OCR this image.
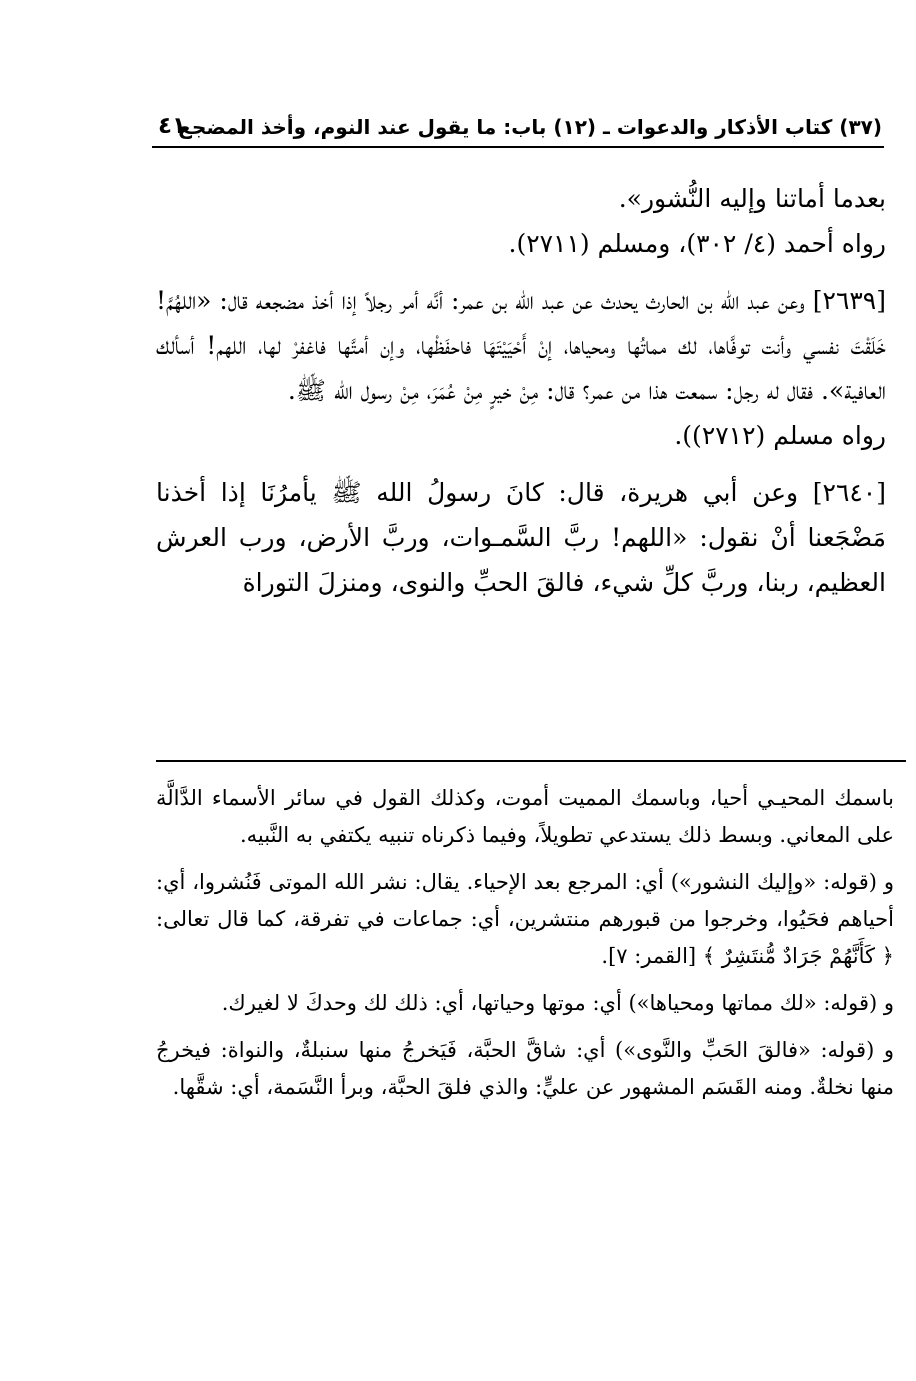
(٣٧) كتاب الأذكار والدعوات ـ (١٢) باب: ما يقول عند النوم، وأخذ المضجع
٤١

بعدما أماتنا وإليه النُّشور».

رواه أحمد (٤/ ٣٠٢)، ومسلم (٢٧١١).

[٢٦٣٩] وعن عبد الله بن الحارث يحدث عن عبد الله بن عمر: أنَّه أمر رجلاً إذا أخذ مضجعه قال: «اللهُمَّ! خَلَقْتَ نفسي وأنت توفَّاها، لك مماتُها ومحياها، إنْ أَحْيَيْتَهَا فاحفَظْها، وإن أمتَّها فاغفرْ لها، اللهم! أسألك العافية». فقال له رجل: سمعت هذا من عمر؟ قال: مِنْ خيرٍ مِنْ عُمَرَ، مِنْ رسول الله ﷺ.

رواه مسلم (٢٧١٢)).

[٢٦٤٠] وعن أبي هريرة، قال: كانَ رسولُ الله ﷺ يأمرُنَا إذا أخذنا مَضْجَعنا أنْ نقول: «اللهم! ربَّ السَّمـوات، وربَّ الأرض، ورب العرش العظيم، ربنا، وربَّ كلِّ شيء، فالقَ الحبِّ والنوى، ومنزلَ التوراة

باسمك المحيـي أحيا، وباسمك المميت أموت، وكذلك القول في سائر الأسماء الدَّالَّة على المعاني. وبسط ذلك يستدعي تطويلاً، وفيما ذكرناه تنبيه يكتفي به النَّبيه.

و (قوله: «وإليك النشور») أي: المرجع بعد الإحياء. يقال: نشر الله الموتى فَنُشروا، أي: أحياهم فحَيُوا، وخرجوا من قبورهم منتشرين، أي: جماعات في تفرقة، كما قال تعالى: ﴿ كَأَنَّهُمْ جَرَادٌ مُّنتَشِرٌ ﴾ [القمر: ٧].

و (قوله: «لك مماتها ومحياها») أي: موتها وحياتها، أي: ذلك لك وحدكَ لا لغيرك.

و (قوله: «فالقَ الحَبِّ والنَّوى») أي: شاقَّ الحبَّة، فَيَخرجُ منها سنبلةٌ، والنواة: فيخرجُ منها نخلةٌ. ومنه القَسَم المشهور عن عليٍّ: والذي فلقَ الحبَّة، وبرأ النَّسَمة، أي: شقَّها.
